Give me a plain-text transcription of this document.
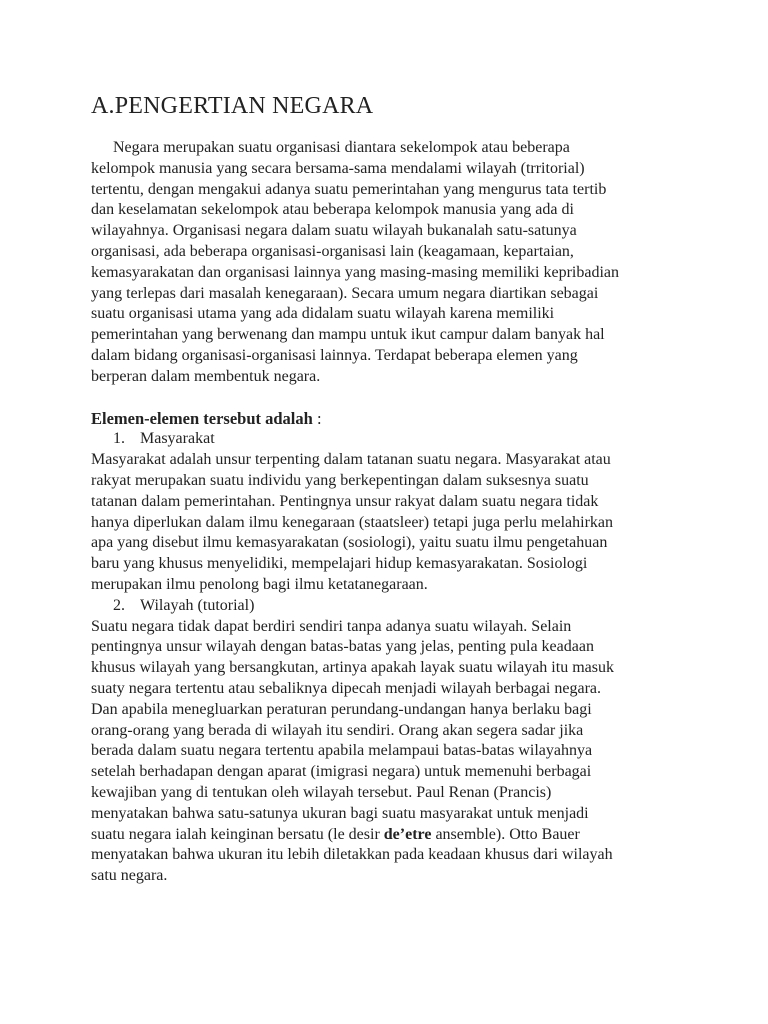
A.PENGERTIAN NEGARA

Negara merupakan suatu organisasi diantara sekelompok atau beberapa
kelompok manusia yang secara bersama-sama mendalami wilayah (trritorial)
tertentu, dengan mengakui adanya suatu pemerintahan yang mengurus tata tertib
dan keselamatan sekelompok atau beberapa kelompok manusia yang ada di
wilayahnya. Organisasi negara dalam suatu wilayah bukanalah satu-satunya
organisasi, ada beberapa organisasi-organisasi lain (keagamaan, kepartaian,
kemasyarakatan dan organisasi lainnya yang masing-masing memiliki kepribadian
yang terlepas dari masalah kenegaraan). Secara umum negara diartikan sebagai
suatu organisasi utama yang ada didalam suatu wilayah karena memiliki
pemerintahan yang berwenang dan mampu untuk ikut campur dalam banyak hal
dalam bidang organisasi-organisasi lainnya. Terdapat beberapa elemen yang
berperan dalam membentuk negara.

Elemen-elemen tersebut adalah :

1. Masyarakat

Masyarakat adalah unsur terpenting dalam tatanan suatu negara. Masyarakat atau
rakyat merupakan suatu individu yang berkepentingan dalam suksesnya suatu
tatanan dalam pemerintahan. Pentingnya unsur rakyat dalam suatu negara tidak
hanya diperlukan dalam ilmu kenegaraan (staatsleer) tetapi juga perlu melahirkan
apa yang disebut ilmu kemasyarakatan (sosiologi), yaitu suatu ilmu pengetahuan
baru yang khusus menyelidiki, mempelajari hidup kemasyarakatan. Sosiologi
merupakan ilmu penolong bagi ilmu ketatanegaraan.

2. Wilayah (tutorial)

Suatu negara tidak dapat berdiri sendiri tanpa adanya suatu wilayah. Selain
pentingnya unsur wilayah dengan batas-batas yang jelas, penting pula keadaan
khusus wilayah yang bersangkutan, artinya apakah layak suatu wilayah itu masuk
suaty negara tertentu atau sebaliknya dipecah menjadi wilayah berbagai negara.
Dan apabila menegluarkan peraturan perundang-undangan hanya berlaku bagi
orang-orang yang berada di wilayah itu sendiri. Orang akan segera sadar jika
berada dalam suatu negara tertentu apabila melampaui batas-batas wilayahnya
setelah berhadapan dengan aparat (imigrasi negara) untuk memenuhi berbagai
kewajiban yang di tentukan oleh wilayah tersebut. Paul Renan (Prancis)
menyatakan bahwa satu-satunya ukuran bagi suatu masyarakat untuk menjadi
suatu negara ialah keinginan bersatu (le desir de’etre ansemble). Otto Bauer
menyatakan bahwa ukuran itu lebih diletakkan pada keadaan khusus dari wilayah
satu negara.
